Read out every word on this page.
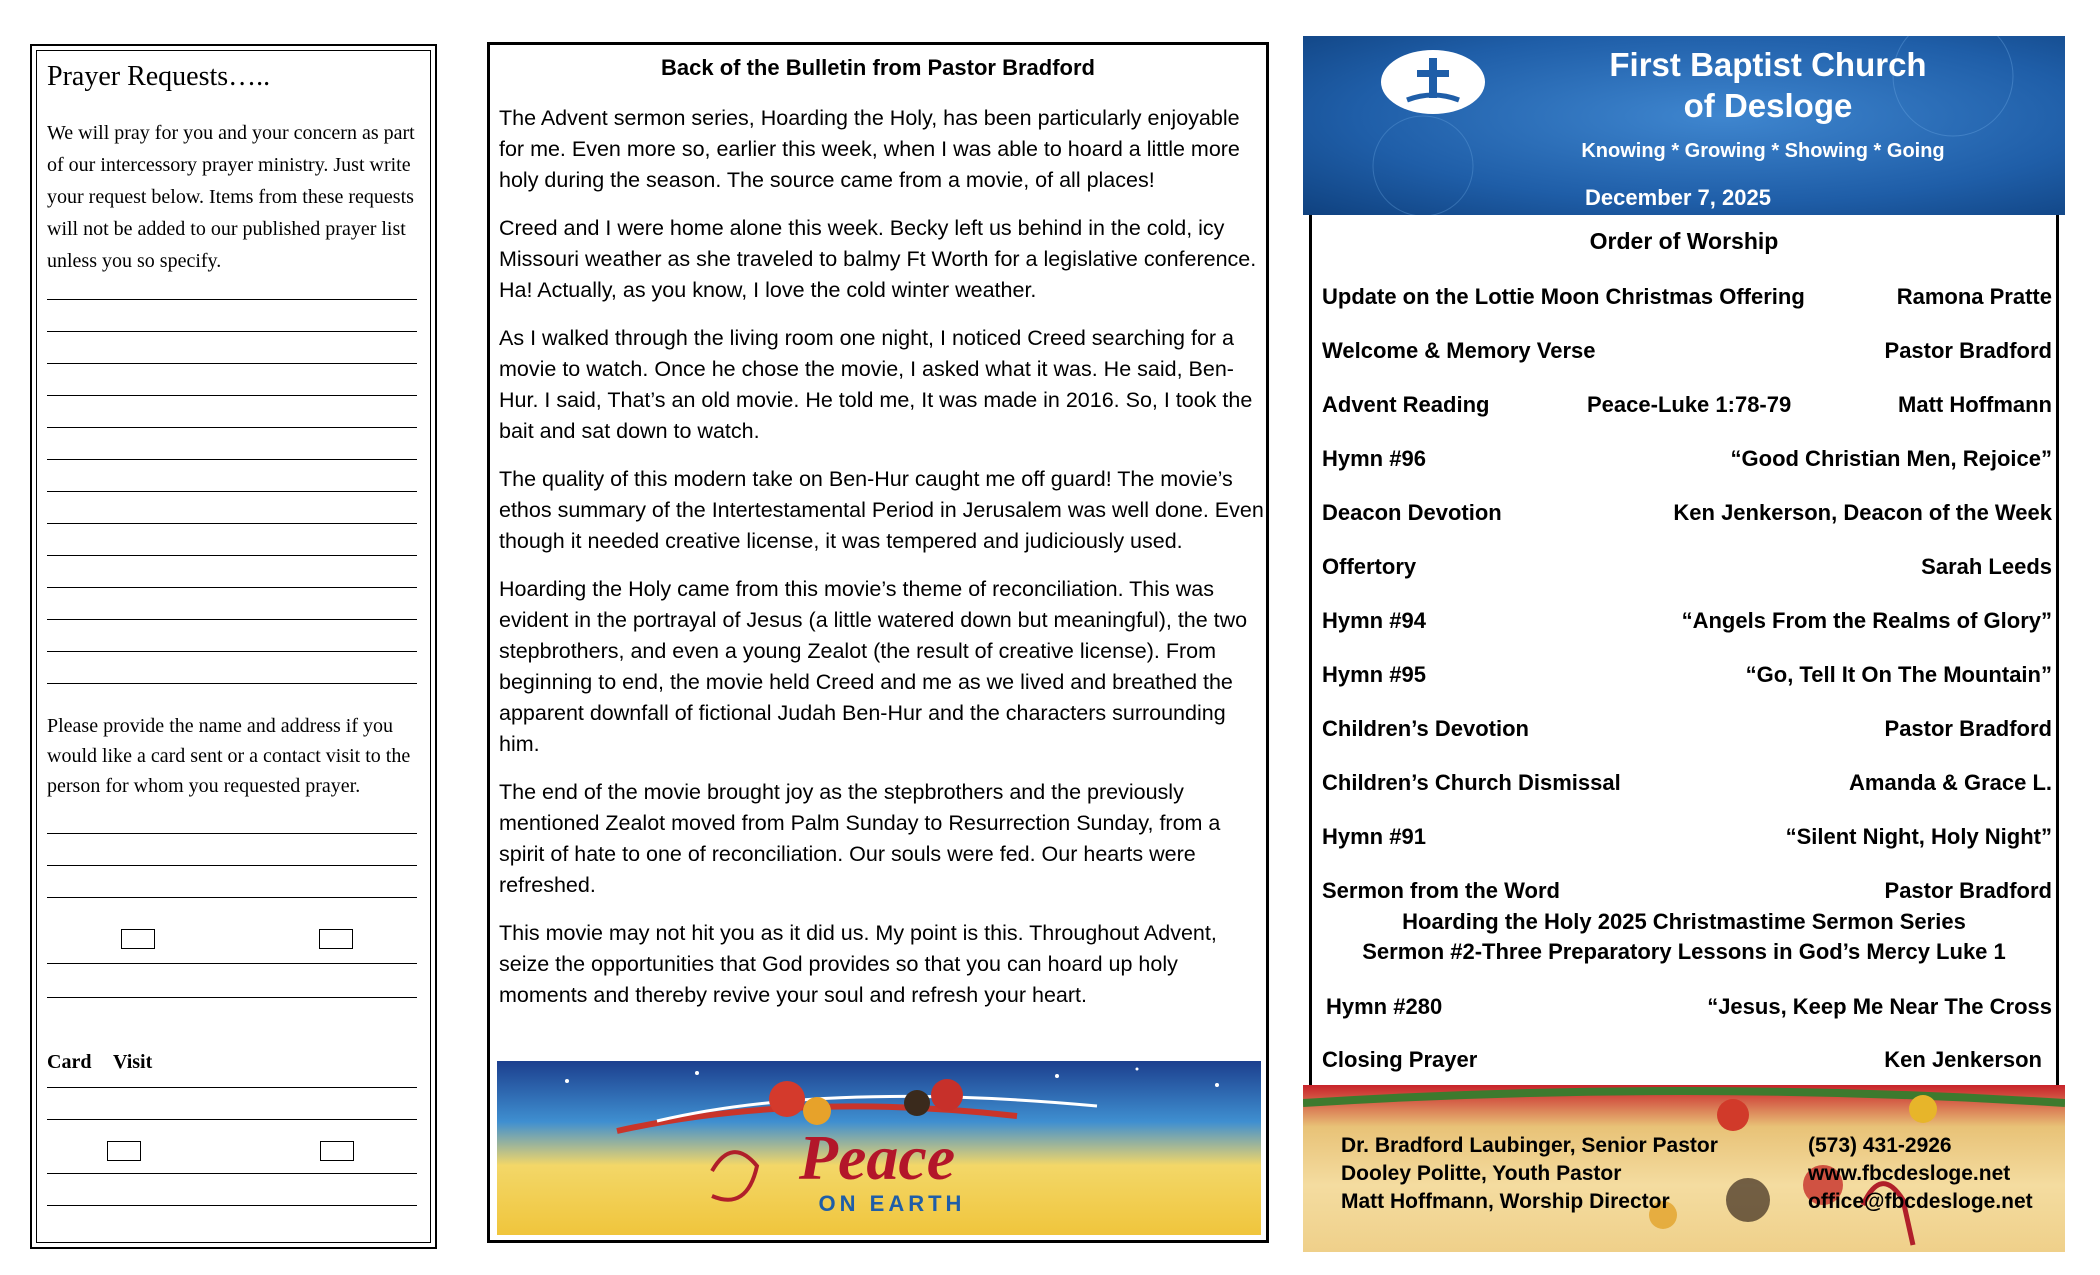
Prayer Requests…..
We will pray for you and your concern as part of our intercessory prayer ministry. Just write your request below. Items from these requests will not be added to our published prayer list unless you so specify.
Please provide the name and address if you would like a card sent or a contact visit to the person for whom you requested prayer.
Card Visit
Back of the Bulletin from Pastor Bradford

The Advent sermon series, Hoarding the Holy, has been particularly enjoyable for me. Even more so, earlier this week, when I was able to hoard a little more holy during the season. The source came from a movie, of all places!

Creed and I were home alone this week. Becky left us behind in the cold, icy Missouri weather as she traveled to balmy Ft Worth for a legislative conference. Ha! Actually, as you know, I love the cold winter weather.

As I walked through the living room one night, I noticed Creed searching for a movie to watch. Once he chose the movie, I asked what it was. He said, Ben-Hur. I said, That’s an old movie. He told me, It was made in 2016. So, I took the bait and sat down to watch.

The quality of this modern take on Ben-Hur caught me off guard! The movie’s ethos summary of the Intertestamental Period in Jerusalem was well done. Even though it needed creative license, it was tempered and judiciously used.

Hoarding the Holy came from this movie’s theme of reconciliation. This was evident in the portrayal of Jesus (a little watered down but meaningful), the two stepbrothers, and even a young Zealot (the result of creative license). From beginning to end, the movie held Creed and me as we lived and breathed the apparent downfall of fictional Judah Ben-Hur and the characters surrounding him.

The end of the movie brought joy as the stepbrothers and the previously mentioned Zealot moved from Palm Sunday to Resurrection Sunday, from a spirit of hate to one of reconciliation. Our souls were fed. Our hearts were refreshed.

This movie may not hit you as it did us. My point is this. Throughout Advent, seize the opportunities that God provides so that you can hoard up holy moments and thereby revive your soul and refresh your heart.

Peace
ON EARTH
First Baptist Church
of Desloge
Knowing * Growing * Showing * Going
December 7, 2025
Order of Worship
Update on the Lottie Moon Christmas Offering	Ramona Pratte
Welcome & Memory Verse	Pastor Bradford
Advent Reading	Peace-Luke 1:78-79	Matt Hoffmann
Hymn #96	“Good Christian Men, Rejoice”
Deacon Devotion	Ken Jenkerson, Deacon of the Week
Offertory	Sarah Leeds
Hymn #94	“Angels From the Realms of Glory”
Hymn #95	“Go, Tell It On The Mountain”
Children’s Devotion	Pastor Bradford
Children’s Church Dismissal	Amanda & Grace L.
Hymn #91	“Silent Night, Holy Night”
Sermon from the Word	Pastor Bradford
Hoarding the Holy 2025 Christmastime Sermon Series
Sermon #2-Three Preparatory Lessons in God’s Mercy Luke 1
Hymn #280	“Jesus, Keep Me Near The Cross
Closing Prayer	Ken Jenkerson
Dr. Bradford Laubinger, Senior Pastor
Dooley Politte, Youth Pastor
Matt Hoffmann, Worship Director
(573) 431-2926
www.fbcdesloge.net
office@fbcdesloge.net
